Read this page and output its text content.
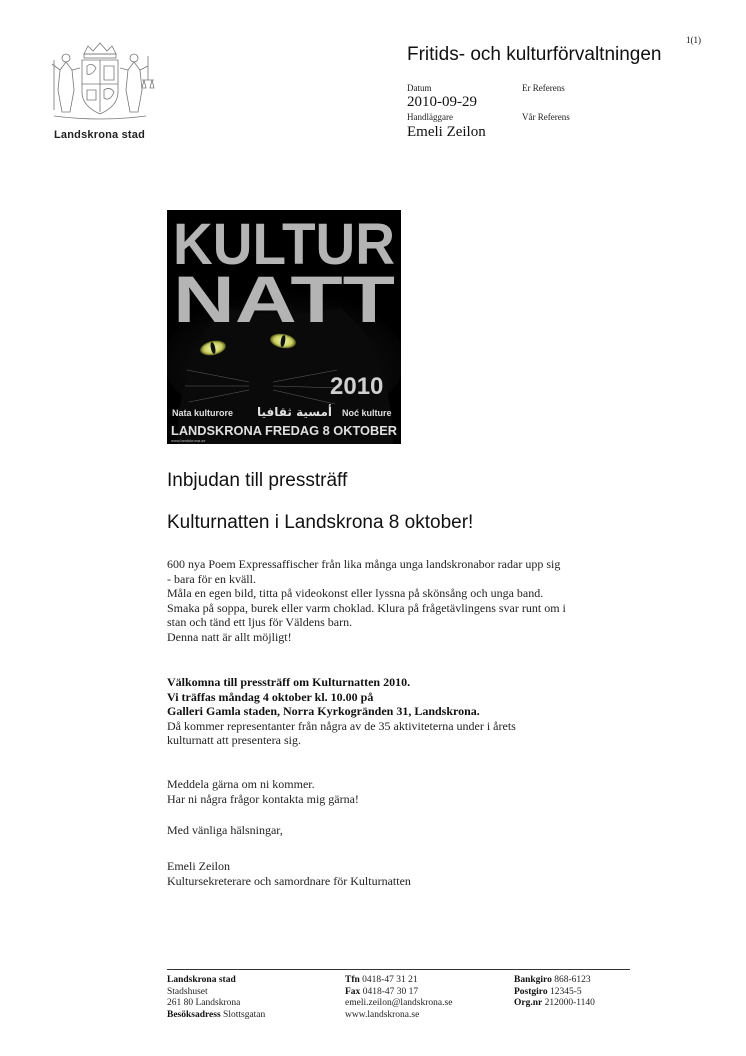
1(1)
Landskrona stad
Fritids- och kulturförvaltningen
Datum	Er Referens
2010-09-29
Handläggare	Vår Referens
Emeli Zeilon
KULTUR
NATT
2010
Nata kulturore أمسية ثقافيا Noć kulture
LANDSKRONA FREDAG 8 OKTOBER
www.landskrona.se
Inbjudan till pressträff
Kulturnatten i Landskrona 8 oktober!
600 nya Poem Expressaffischer från lika många unga landskronabor radar upp sig
- bara för en kväll.
Måla en egen bild, titta på videokonst eller lyssna på skönsång och unga band.
Smaka på soppa, burek eller varm choklad. Klura på frågetävlingens svar runt om i
stan och tänd ett ljus för Väldens barn.
Denna natt är allt möjligt!
Välkomna till pressträff om Kulturnatten 2010.
Vi träffas måndag 4 oktober kl. 10.00 på
Galleri Gamla staden, Norra Kyrkogränden 31, Landskrona.
Då kommer representanter från några av de 35 aktiviteterna under i årets
kulturnatt att presentera sig.
Meddela gärna om ni kommer.
Har ni några frågor kontakta mig gärna!
Med vänliga hälsningar,
Emeli Zeilon
Kultursekreterare och samordnare för Kulturnatten
Landskrona stad
Stadshuset
261 80 Landskrona
Besöksadress Slottsgatan
Tfn 0418-47 31 21
Fax 0418-47 30 17
emeli.zeilon@landskrona.se
www.landskrona.se
Bankgiro 868-6123
Postgiro 12345-5
Org.nr 212000-1140
